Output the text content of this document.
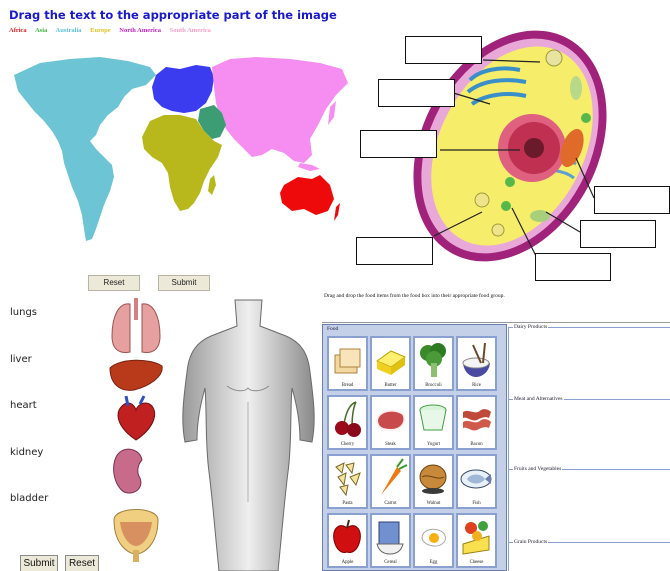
Drag the text to the appropriate part of the image
Africa Asia Australia Europe North America South America
Reset	Submit
lungs
liver
heart
kidney
bladder
Submit	Reset
Drag and drop the food items from the food box into their appropriate food group.
Food
Bread	Butter	Broccoli	Rice
Cherry	Steak	Yogurt	Bacon
Pasta	Carrot	Walnut	Fish
Apple	Cereal	Egg	Cheese
Dairy Products
Meat and Alternatives
Fruits and Vegetables
Grain Products
